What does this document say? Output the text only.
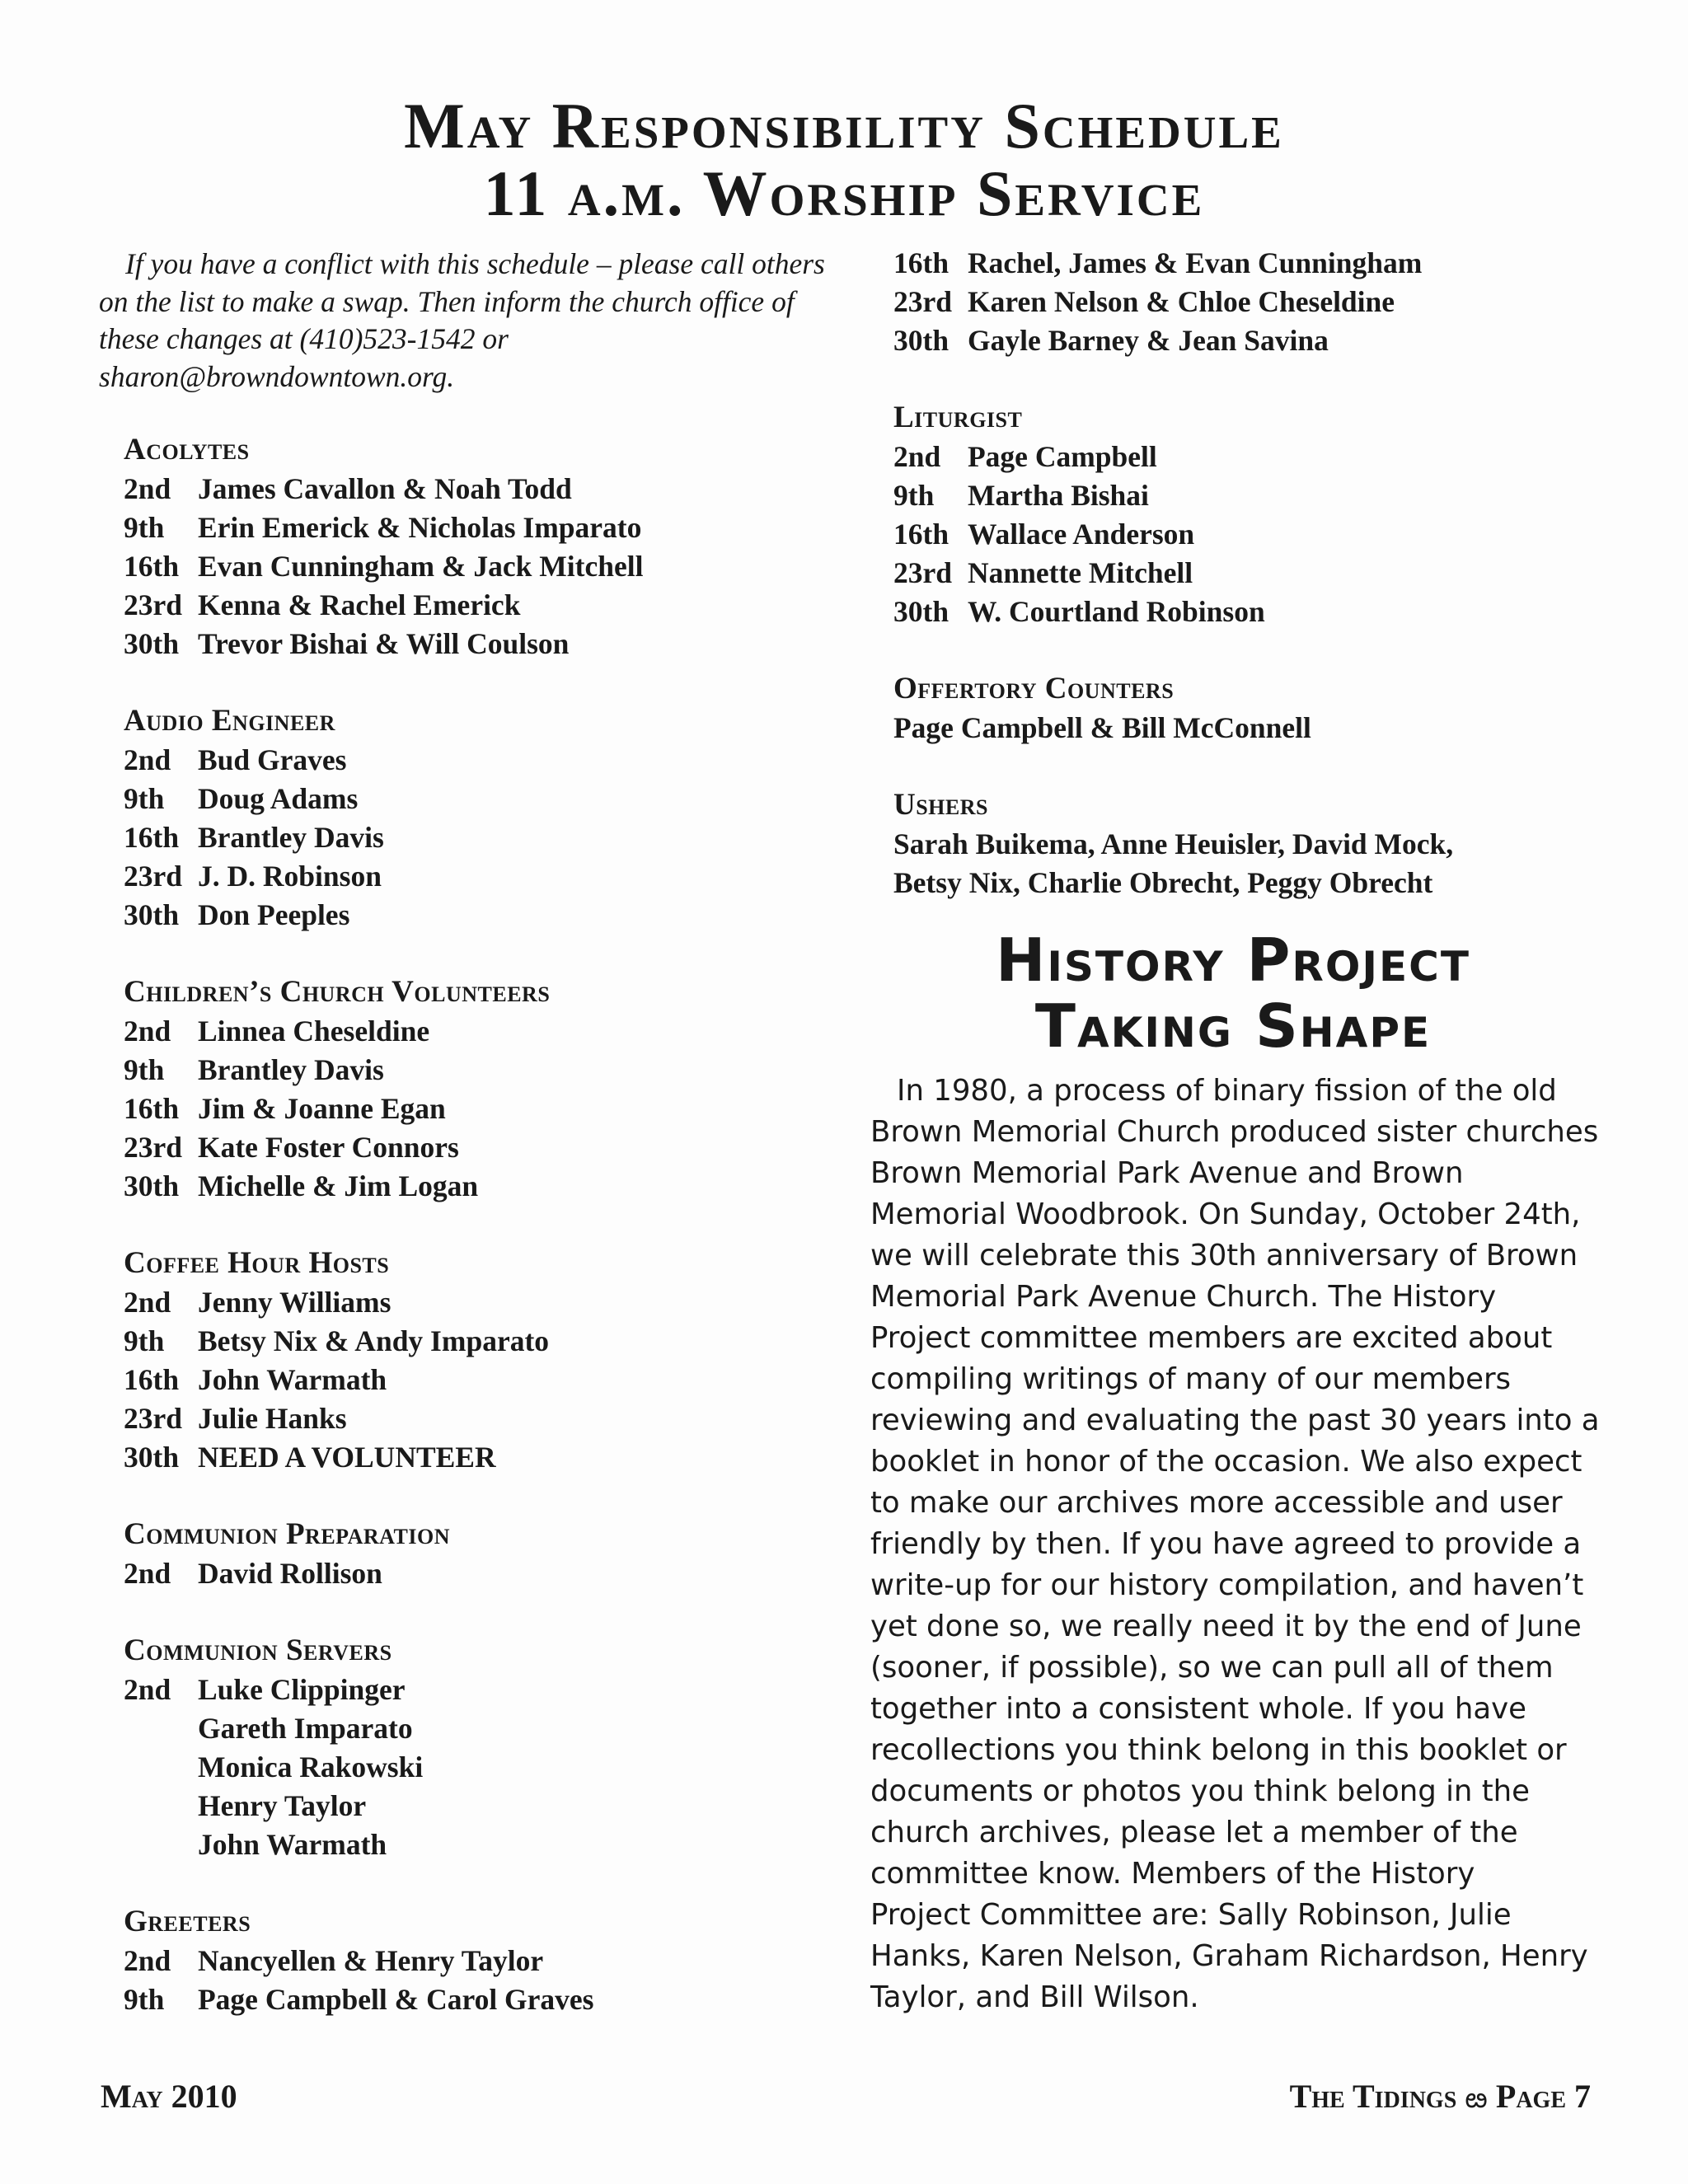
May Responsibility Schedule
11 a.m. Worship Service

If you have a conflict with this schedule – please call others on the list to make a swap. Then inform the church office of these changes at (410)523-1542 or sharon@browndowntown.org.

Acolytes
2nd James Cavallon & Noah Todd
9th	Erin Emerick & Nicholas Imparato
16th Evan Cunningham & Jack Mitchell
23rd Kenna & Rachel Emerick
30th Trevor Bishai & Will Coulson
Audio Engineer
2nd Bud Graves
9th	Doug Adams
16th Brantley Davis
23rd J. D. Robinson
30th Don Peeples
Children’s Church Volunteers
2nd Linnea Cheseldine
9th	Brantley Davis
16th Jim & Joanne Egan
23rd Kate Foster Connors
30th Michelle & Jim Logan
Coffee Hour Hosts
2nd Jenny Williams
9th	Betsy Nix & Andy Imparato
16th John Warmath
23rd Julie Hanks
30th NEED A VOLUNTEER
Communion Preparation
2nd David Rollison
Communion Servers
2nd Luke Clippinger
Gareth Imparato
Monica Rakowski
Henry Taylor
John Warmath
Greeters
2nd Nancyellen & Henry Taylor
9th	Page Campbell & Carol Graves
16th Rachel, James & Evan Cunningham
23rd Karen Nelson & Chloe Cheseldine
30th Gayle Barney & Jean Savina
Liturgist
2nd Page Campbell
9th	Martha Bishai
16th Wallace Anderson
23rd Nannette Mitchell
30th W. Courtland Robinson
Offertory Counters
Page Campbell & Bill McConnell
Ushers
Sarah Buikema, Anne Heuisler, David Mock,
Betsy Nix, Charlie Obrecht, Peggy Obrecht
History Project
Taking Shape

In 1980, a process of binary fission of the old
Brown Memorial Church produced sister churches
Brown Memorial Park Avenue and Brown
Memorial Woodbrook. On Sunday, October 24th,
we will celebrate this 30th anniversary of Brown
Memorial Park Avenue Church. The History
Project committee members are excited about
compiling writings of many of our members
reviewing and evaluating the past 30 years into a
booklet in honor of the occasion. We also expect
to make our archives more accessible and user
friendly by then. If you have agreed to provide a
write-up for our history compilation, and haven’t
yet done so, we really need it by the end of June
(sooner, if possible), so we can pull all of them
together into a consistent whole. If you have
recollections you think belong in this booklet or
documents or photos you think belong in the
church archives, please let a member of the
committee know. Members of the History
Project Committee are: Sally Robinson, Julie
Hanks, Karen Nelson, Graham Richardson, Henry
Taylor, and Bill Wilson.

May 2010	The Tidings ఴ Page 7
